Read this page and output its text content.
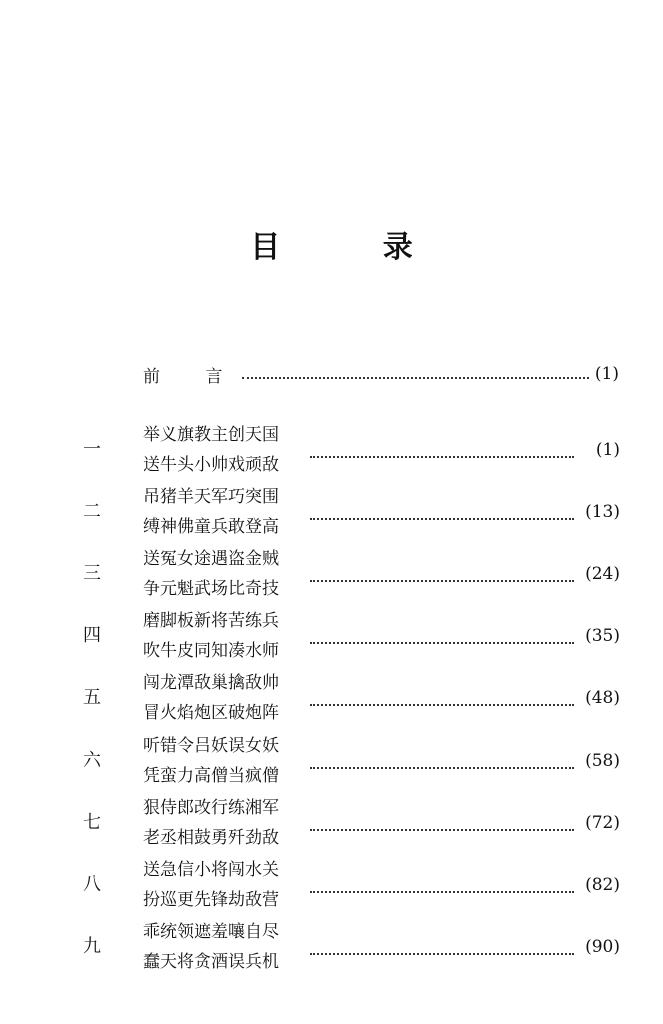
目 录
前 言	(1)
一
举义旗教主创天国
送牛头小帅戏顽敌
(1)
二
吊猪羊天军巧突围
缚神佛童兵敢登高
(13)
三
送冤女途遇盗金贼
争元魁武场比奇技
(24)
四
磨脚板新将苦练兵
吹牛皮同知凑水师
(35)
五
闯龙潭敌巢擒敌帅
冒火焰炮区破炮阵
(48)
六
听错令吕妖误女妖
凭蛮力高僧当疯僧
(58)
七
狠侍郎改行练湘军
老丞相鼓勇歼劲敌
(72)
八
送急信小将闯水关
扮巡更先锋劫敌营
(82)
九
乖统领遮羞嚷自尽
蠢天将贪酒误兵机
(90)
